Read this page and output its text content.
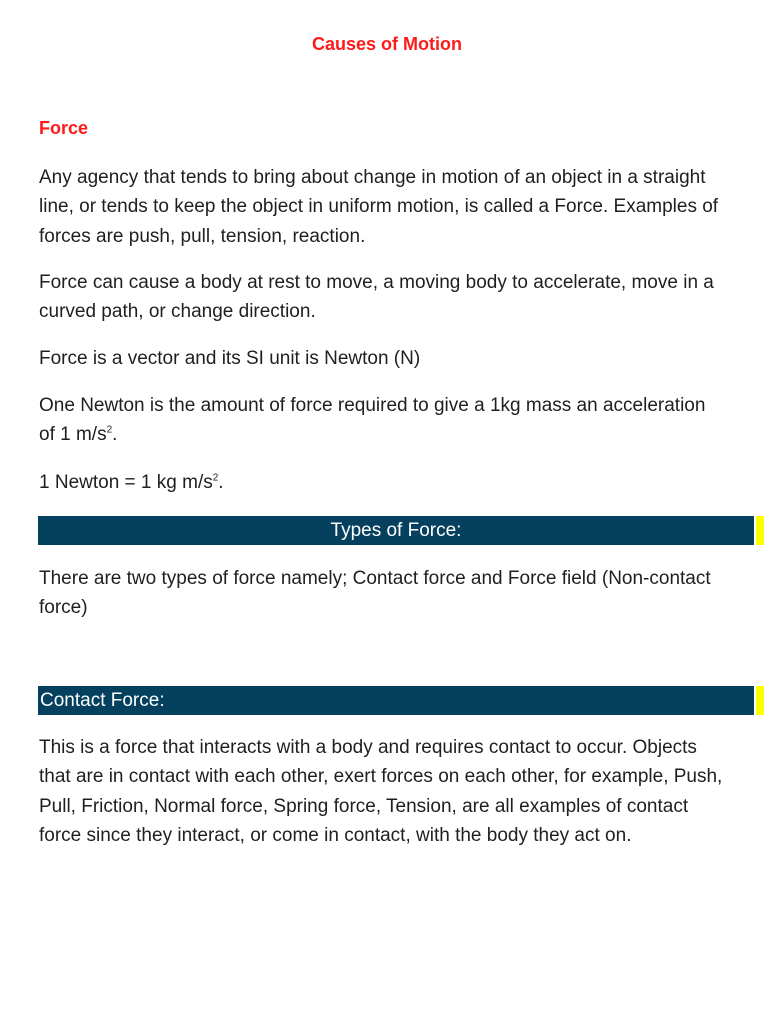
Causes of Motion
Force

Any agency that tends to bring about change in motion of an object in a straight line, or tends to keep the object in uniform motion, is called a Force. Examples of forces are push, pull, tension, reaction.

Force can cause a body at rest to move, a moving body to accelerate, move in a curved path, or change direction.

Force is a vector and its SI unit is Newton (N)

One Newton is the amount of force required to give a 1kg mass an acceleration of 1 $m/s^2$.

1 Newton = 1 kg $m/s^2$.

Types of Force:

There are two types of force namely; Contact force and Force field (Non-contact force)

Contact Force:

This is a force that interacts with a body and requires contact to occur. Objects that are in contact with each other, exert forces on each other, for example, Push, Pull, Friction, Normal force, Spring force, Tension, are all examples of contact force since they interact, or come in contact, with the body they act on.
